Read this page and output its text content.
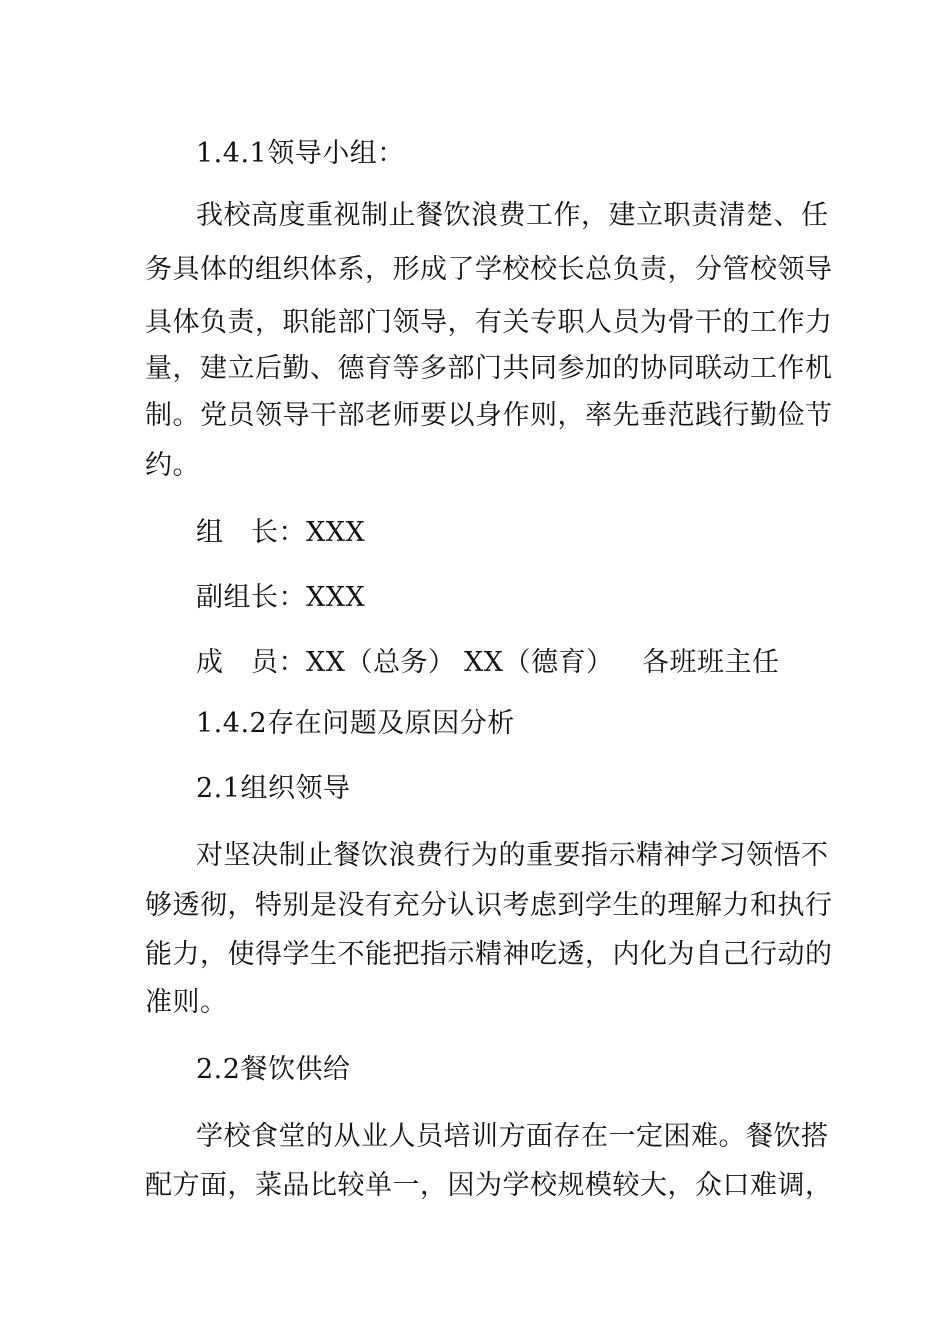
1.4.1领导小组：
我校高度重视制止餐饮浪费工作，建立职责清楚、任
务具体的组织体系，形成了学校校长总负责，分管校领导
具体负责，职能部门领导，有关专职人员为骨干的工作力
量，建立后勤、德育等多部门共同参加的协同联动工作机
制。党员领导干部老师要以身作则，率先垂范践行勤俭节
约。
组　长：XXX
副组长：XXX
成　员：XX（总务） XX（德育） 各班班主任
1.4.2存在问题及原因分析
2.1组织领导
对坚决制止餐饮浪费行为的重要指示精神学习领悟不
够透彻，特别是没有充分认识考虑到学生的理解力和执行
能力，使得学生不能把指示精神吃透，内化为自己行动的
准则。
2.2餐饮供给
学校食堂的从业人员培训方面存在一定困难。餐饮搭
配方面，菜品比较单一，因为学校规模较大，众口难调，
